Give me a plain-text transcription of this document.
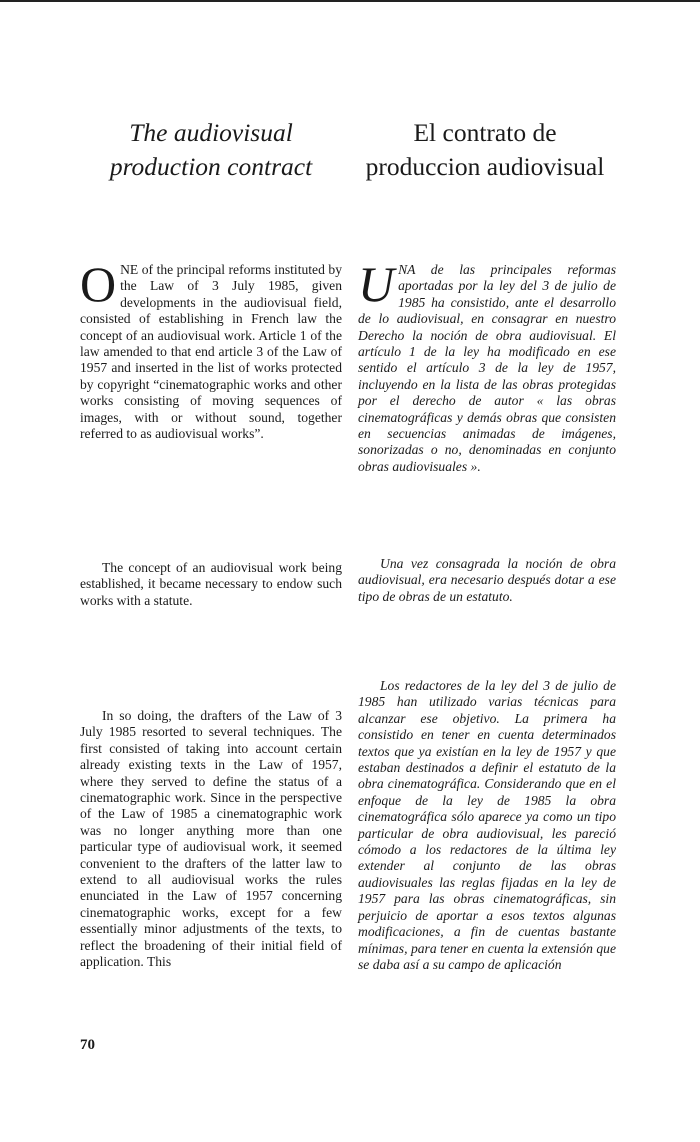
The audiovisual
production contract
El contrato de
produccion audiovisual

ONE of the principal reforms instituted by the Law of 3 July 1985, given developments in the audiovisual field, consisted of establishing in French law the concept of an audiovisual work. Article 1 of the law amended to that end article 3 of the Law of 1957 and inserted in the list of works protected by copyright “cinematographic works and other works consisting of moving sequences of images, with or without sound, together referred to as audiovisual works”.

UNA de las principales reformas aportadas por la ley del 3 de julio de 1985 ha consistido, ante el desarrollo de lo audiovisual, en consagrar en nuestro Derecho la noción de obra audiovisual. El artículo 1 de la ley ha modificado en ese sentido el artículo 3 de la ley de 1957, incluyendo en la lista de las obras protegidas por el derecho de autor « las obras cinematográficas y demás obras que consisten en secuencias animadas de imágenes, sonorizadas o no, denominadas en conjunto obras audiovisuales ».

The concept of an audiovisual work being established, it became necessary to endow such works with a statute.

Una vez consagrada la noción de obra audiovisual, era necesario después dotar a ese tipo de obras de un estatuto.

In so doing, the drafters of the Law of 3 July 1985 resorted to several techniques. The first consisted of taking into account certain already existing texts in the Law of 1957, where they served to define the status of a cinematographic work. Since in the perspective of the Law of 1985 a cinematographic work was no longer anything more than one particular type of audiovisual work, it seemed convenient to the drafters of the latter law to extend to all audiovisual works the rules enunciated in the Law of 1957 concerning cinematographic works, except for a few essentially minor adjustments of the texts, to reflect the broadening of their initial field of application. This

Los redactores de la ley del 3 de julio de 1985 han utilizado varias técnicas para alcanzar ese objetivo. La primera ha consistido en tener en cuenta determinados textos que ya existían en la ley de 1957 y que estaban destinados a definir el estatuto de la obra cinematográfica. Considerando que en el enfoque de la ley de 1985 la obra cinematográfica sólo aparece ya como un tipo particular de obra audiovisual, les pareció cómodo a los redactores de la última ley extender al conjunto de las obras audiovisuales las reglas fijadas en la ley de 1957 para las obras cinematográficas, sin perjuicio de aportar a esos textos algunas modificaciones, a fin de cuentas bastante mínimas, para tener en cuenta la extensión que se daba así a su campo de aplicación

70
